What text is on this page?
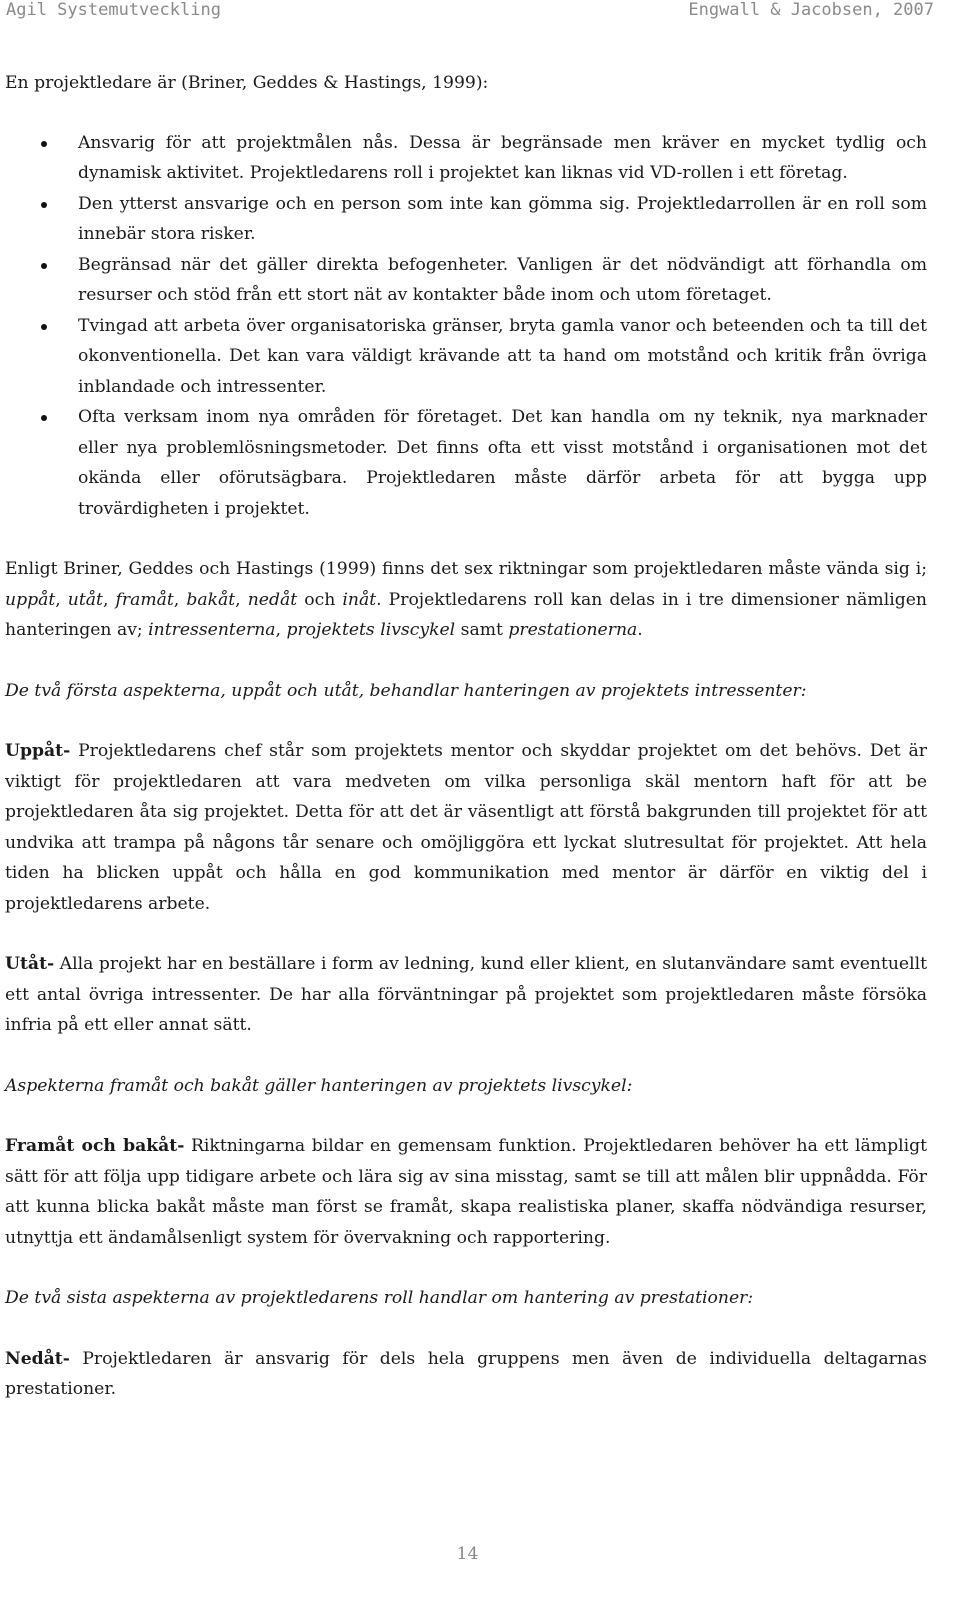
Agil Systemutveckling	Engwall & Jacobsen, 2007

En projektledare är (Briner, Geddes & Hastings, 1999):

Ansvarig för att projektmålen nås. Dessa är begränsade men kräver en mycket tydlig och dynamisk aktivitet. Projektledarens roll i projektet kan liknas vid VD-rollen i ett företag.
Den ytterst ansvarige och en person som inte kan gömma sig. Projektledarrollen är en roll som innebär stora risker.
Begränsad när det gäller direkta befogenheter. Vanligen är det nödvändigt att förhandla om resurser och stöd från ett stort nät av kontakter både inom och utom företaget.
Tvingad att arbeta över organisatoriska gränser, bryta gamla vanor och beteenden och ta till det okonventionella. Det kan vara väldigt krävande att ta hand om motstånd och kritik från övriga inblandade och intressenter.
Ofta verksam inom nya områden för företaget. Det kan handla om ny teknik, nya marknader eller nya problemlösningsmetoder. Det finns ofta ett visst motstånd i organisationen mot det okända eller oförutsägbara. Projektledaren måste därför arbeta för att bygga upp trovärdigheten i projektet.

Enligt Briner, Geddes och Hastings (1999) finns det sex riktningar som projektledaren måste vända sig i; uppåt, utåt, framåt, bakåt, nedåt och inåt. Projektledarens roll kan delas in i tre dimensioner nämligen hanteringen av; intressenterna, projektets livscykel samt prestationerna.

De två första aspekterna, uppåt och utåt, behandlar hanteringen av projektets intressenter:

Uppåt- Projektledarens chef står som projektets mentor och skyddar projektet om det behövs. Det är viktigt för projektledaren att vara medveten om vilka personliga skäl mentorn haft för att be projektledaren åta sig projektet. Detta för att det är väsentligt att förstå bakgrunden till projektet för att undvika att trampa på någons tår senare och omöjliggöra ett lyckat slutresultat för projektet. Att hela tiden ha blicken uppåt och hålla en god kommunikation med mentor är därför en viktig del i projektledarens arbete.

Utåt- Alla projekt har en beställare i form av ledning, kund eller klient, en slutanvändare samt eventuellt ett antal övriga intressenter. De har alla förväntningar på projektet som projektledaren måste försöka infria på ett eller annat sätt.

Aspekterna framåt och bakåt gäller hanteringen av projektets livscykel:

Framåt och bakåt- Riktningarna bildar en gemensam funktion. Projektledaren behöver ha ett lämpligt sätt för att följa upp tidigare arbete och lära sig av sina misstag, samt se till att målen blir uppnådda. För att kunna blicka bakåt måste man först se framåt, skapa realistiska planer, skaffa nödvändiga resurser, utnyttja ett ändamålsenligt system för övervakning och rapportering.

De två sista aspekterna av projektledarens roll handlar om hantering av prestationer:

Nedåt- Projektledaren är ansvarig för dels hela gruppens men även de individuella deltagarnas prestationer.

14
